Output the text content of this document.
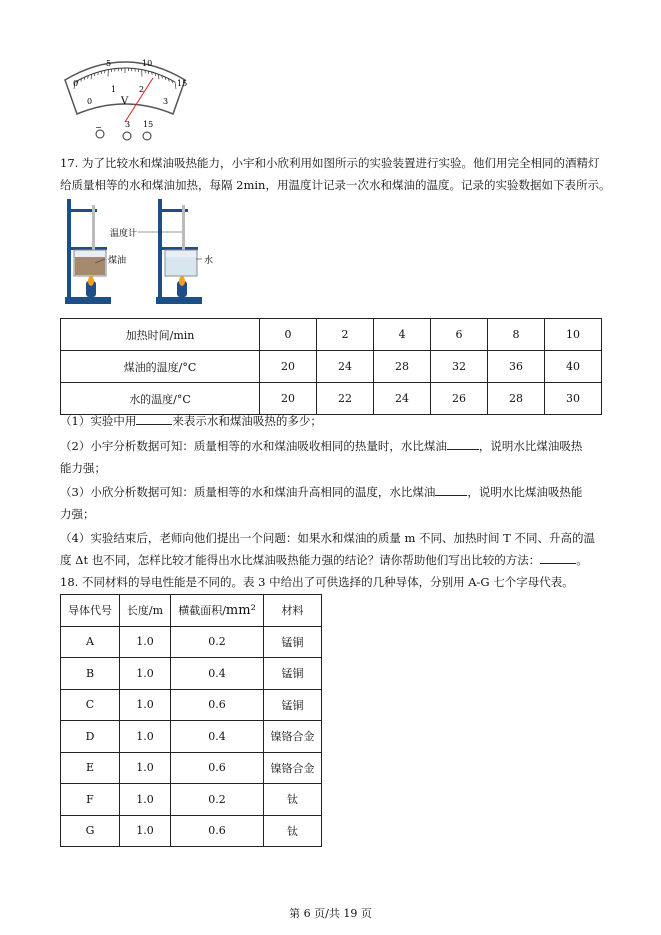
0
5	10
15
0
1	2
3
V
−	3 15
17. 为了比较水和煤油吸热能力，小宇和小欣利用如图所示的实验装置进行实验。他们用完全相同的酒精灯
给质量相等的水和煤油加热，每隔 2min，用温度计记录一次水和煤油的温度。记录的实验数据如下表所示。
温度计
煤油	水
加热时间/min	0	2	4	6	8	10
煤油的温度/°C	20	24	28	32	36	40
水的温度/°C	20	22	24	26	28	30
（1）实验中用	来表示水和煤油吸热的多少；
（2）小宇分析数据可知：质量相等的水和煤油吸收相同的热量时，水比煤油	，说明水比煤油吸热
能力强；
（3）小欣分析数据可知：质量相等的水和煤油升高相同的温度，水比煤油	，说明水比煤油吸热能
力强；
（4）实验结束后，老师向他们提出一个问题：如果水和煤油的质量 m 不同、加热时间 T 不同、升高的温
度 Δt 也不同，怎样比较才能得出水比煤油吸热能力强的结论？请你帮助他们写出比较的方法：	。
18. 不同材料的导电性能是不同的。表 3 中给出了可供选择的几种导体，分别用 A-G 七个字母代表。
导体代号	长度/m	横截面积/mm²	材料
A	1.0	0.2	锰铜
B	1.0	0.4	锰铜
C	1.0	0.6	锰铜
D	1.0	0.4	镍铬合金
E	1.0	0.6	镍铬合金
F	1.0	0.2	钛
G	1.0	0.6	钛
第 6 页/共 19 页
